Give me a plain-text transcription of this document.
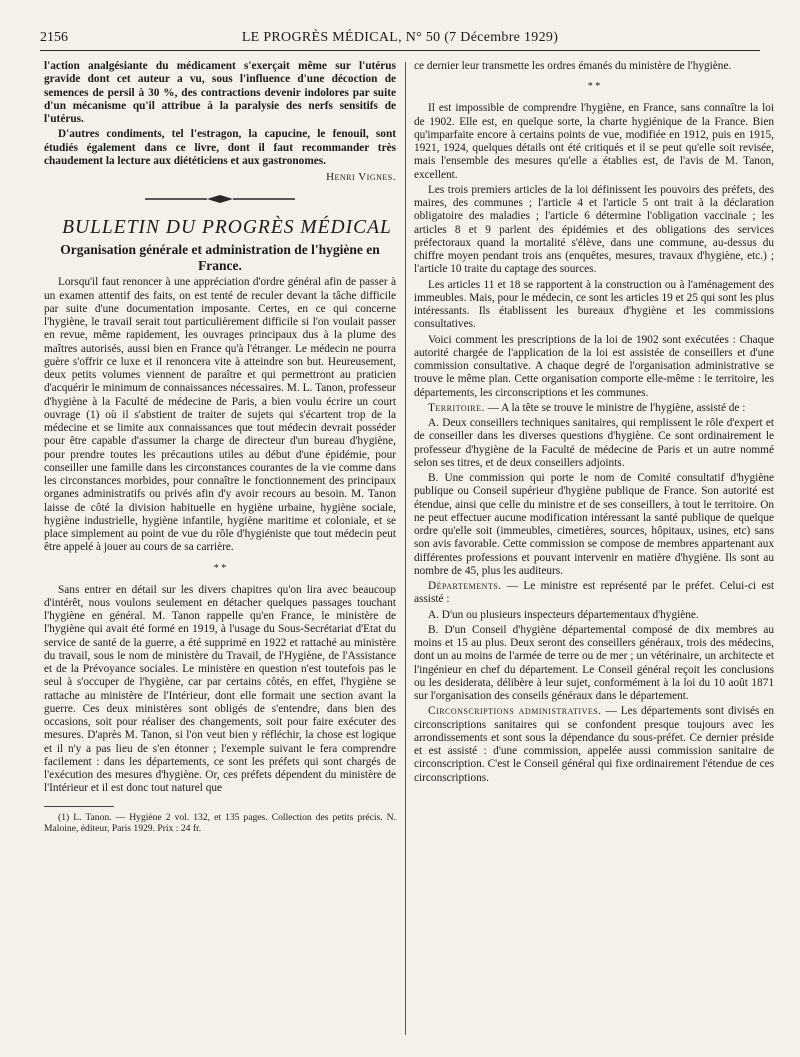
2156	LE PROGRÈS MÉDICAL, N° 50 (7 Décembre 1929)

l'action analgésiante du médicament s'exerçait même sur l'utérus gravide dont cet auteur a vu, sous l'influence d'une décoction de semences de persil à 30 %, des contractions devenir indolores par suite d'un mécanisme qu'il attribue à la paralysie des nerfs sensitifs de l'utérus.

D'autres condiments, tel l'estragon, la capucine, le fenouil, sont étudiés également dans ce livre, dont il faut recommander très chaudement la lecture aux diététiciens et aux gastronomes.

Henri Vignes.

BULLETIN DU PROGRÈS MÉDICAL

Organisation générale et administration de l'hygiène en France.

Lorsqu'il faut renoncer à une appréciation d'ordre général afin de passer à un examen attentif des faits, on est tenté de reculer devant la tâche difficile par suite d'une documentation imposante. Certes, en ce qui concerne l'hygiène, le travail serait tout particulièrement difficile si l'on voulait passer en revue, même rapidement, les ouvrages principaux dus à la plume des maîtres autorisés, aussi bien en France qu'à l'étranger. Le médecin ne pourra guère s'offrir ce luxe et il renoncera vite à atteindre son but. Heureusement, deux petits volumes viennent de paraître et qui permettront au praticien d'acquérir le minimum de connaissances nécessaires. M. L. Tanon, professeur d'hygiène à la Faculté de médecine de Paris, a bien voulu écrire un court ouvrage (1) où il s'abstient de traiter de sujets qui s'écartent trop de la médecine et se limite aux connaissances que tout médecin devrait posséder pour être capable d'assumer la charge de directeur d'un bureau d'hygiène, pour prendre toutes les précautions utiles au début d'une épidémie, pour conseiller une famille dans les circonstances courantes de la vie comme dans les circonstances morbides, pour connaître le fonctionnement des principaux organes administratifs ou privés afin d'y avoir recours au besoin. M. Tanon laisse de côté la division habituelle en hygiène urbaine, hygiène sociale, hygiène industrielle, hygiène infantile, hygiène maritime et coloniale, et se place simplement au point de vue du rôle d'hygiéniste que tout médecin peut être appelé à jouer au cours de sa carrière.

* *

Sans entrer en détail sur les divers chapitres qu'on lira avec beaucoup d'intérêt, nous voulons seulement en détacher quelques passages touchant l'hygiène en général. M. Tanon rappelle qu'en France, le ministère de l'hygiène qui avait été formé en 1919, à l'usage du Sous-Secrétariat d'Etat du service de santé de la guerre, a été supprimé en 1922 et rattaché au ministère du travail, sous le nom de ministère du Travail, de l'Hygiène, de l'Assistance et de la Prévoyance sociales. Le ministère en question n'est toutefois pas le seul à s'occuper de l'hygiène, car par certains côtés, en effet, l'hygiène se rattache au ministère de l'Intérieur, dont elle formait une section avant la guerre. Ces deux ministères sont obligés de s'entendre, dans bien des occasions, soit pour réaliser des changements, soit pour faire exécuter des mesures. D'après M. Tanon, si l'on veut bien y réfléchir, la chose est logique et il n'y a pas lieu de s'en étonner ; l'exemple suivant le fera comprendre facilement : dans les départements, ce sont les préfets qui sont chargés de l'exécution des mesures d'hygiène. Or, ces préfets dépendent du ministère de l'Intérieur et il est donc tout naturel que

(1) L. Tanon. — Hygiène 2 vol. 132, et 135 pages. Collection des petits précis. N. Maloine, éditeur, Paris 1929. Prix : 24 fr.

ce dernier leur transmette les ordres émanés du ministère de l'hygiène.

* *

Il est impossible de comprendre l'hygiène, en France, sans connaître la loi de 1902. Elle est, en quelque sorte, la charte hygiénique de la France. Bien qu'imparfaite encore à certains points de vue, modifiée en 1912, puis en 1915, 1921, 1924, quelques détails ont été critiqués et il se peut qu'elle soit revisée, mais l'ensemble des mesures qu'elle a établies est, de l'avis de M. Tanon, excellent.

Les trois premiers articles de la loi définissent les pouvoirs des préfets, des maires, des communes ; l'article 4 et l'article 5 ont trait à la déclaration obligatoire des maladies ; l'article 6 détermine l'obligation vaccinale ; les articles 8 et 9 parlent des épidémies et des obligations des services préfectoraux quand la mortalité s'élève, dans une commune, au-dessus du chiffre moyen pendant trois ans (enquêtes, mesures, travaux d'hygiène, etc.) ; l'article 10 traite du captage des sources.

Les articles 11 et 18 se rapportent à la construction ou à l'aménagement des immeubles. Mais, pour le médecin, ce sont les articles 19 et 25 qui sont les plus intéressants. Ils établissent les bureaux d'hygiène et les commissions consultatives.

Voici comment les prescriptions de la loi de 1902 sont exécutées : Chaque autorité chargée de l'application de la loi est assistée de conseillers et d'une commission consultative. A chaque degré de l'organisation administrative se trouve le même plan. Cette organisation comporte elle-même : le territoire, les départements, les circonscriptions et les communes.

Territoire. — A la tête se trouve le ministre de l'hygiène, assisté de :

A. Deux conseillers techniques sanitaires, qui remplissent le rôle d'expert et de conseiller dans les diverses questions d'hygiène. Ce sont ordinairement le professeur d'hygiène de la Faculté de médecine de Paris et un autre nommé selon ses titres, et de deux conseillers adjoints.

B. Une commission qui porte le nom de Comité consultatif d'hygiène publique ou Conseil supérieur d'hygiène publique de France. Son autorité est étendue, ainsi que celle du ministre et de ses conseillers, à tout le territoire. On ne peut effectuer aucune modification intéressant la santé publique de quelque ordre qu'elle soit (immeubles, cimetières, sources, hôpitaux, usines, etc) sans son avis favorable. Cette commission se compose de membres appartenant aux différentes professions et pouvant intervenir en matière d'hygiène. Ils sont au nombre de 45, plus les auditeurs.

Départements. — Le ministre est représenté par le préfet. Celui-ci est assisté :

A. D'un ou plusieurs inspecteurs départementaux d'hygiène.

B. D'un Conseil d'hygiène départemental composé de dix membres au moins et 15 au plus. Deux seront des conseillers généraux, trois des médecins, dont un au moins de l'armée de terre ou de mer ; un vétérinaire, un architecte et l'ingénieur en chef du département. Le Conseil général reçoit les conclusions ou les desiderata, délibère à leur sujet, conformément à la loi du 10 août 1871 sur l'organisation des conseils généraux dans le département.

Circonscriptions administratives. — Les départements sont divisés en circonscriptions sanitaires qui se confondent presque toujours avec les arrondissements et sont sous la dépendance du sous-préfet. Ce dernier préside et est assisté : d'une commission, appelée aussi commission sanitaire de circonscription. C'est le Conseil général qui fixe ordinairement l'étendue de ces circonscriptions.
